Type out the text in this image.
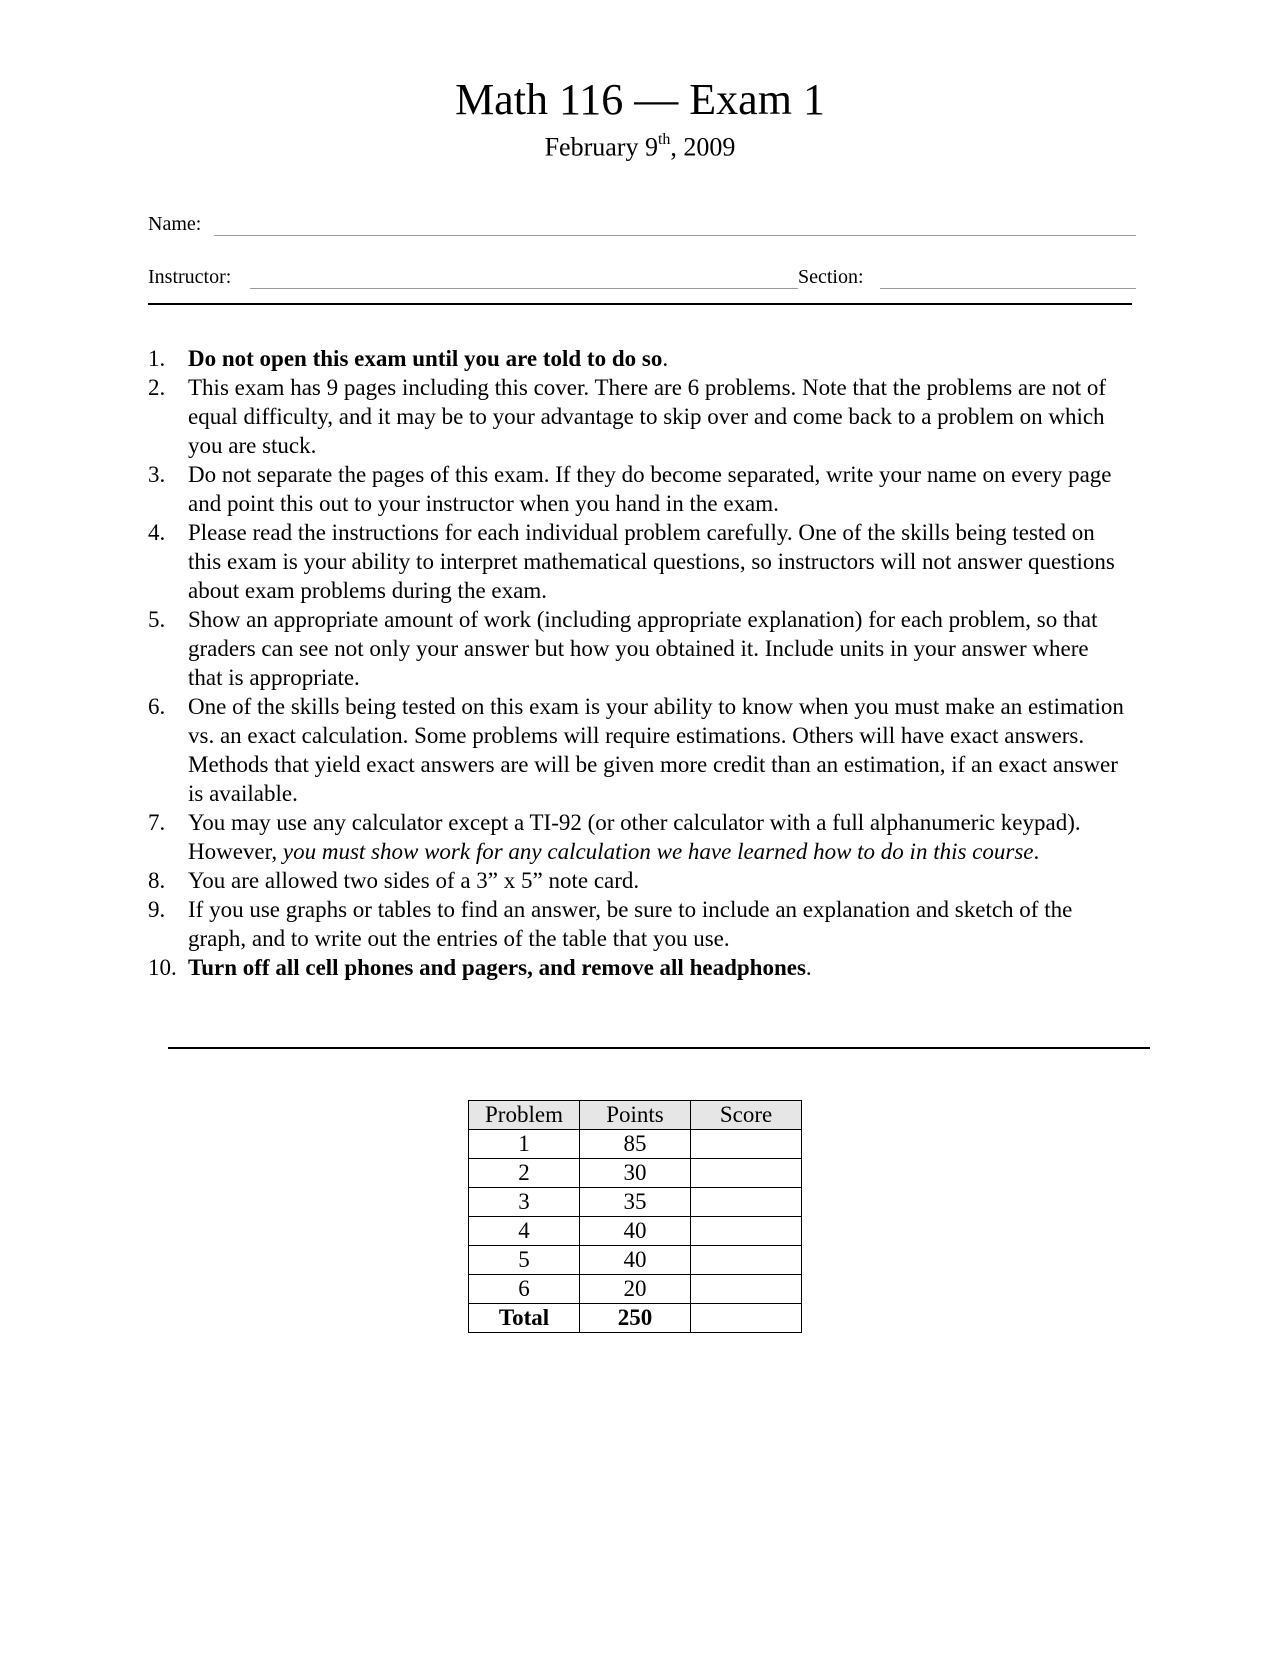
Math 116 — Exam 1
February 9th, 2009
Name:
Instructor:	Section:
1. Do not open this exam until you are told to do so.
2. This exam has 9 pages including this cover. There are 6 problems. Note that the problems are not of equal difficulty, and it may be to your advantage to skip over and come back to a problem on which you are stuck.
3. Do not separate the pages of this exam. If they do become separated, write your name on every page and point this out to your instructor when you hand in the exam.
4. Please read the instructions for each individual problem carefully. One of the skills being tested on this exam is your ability to interpret mathematical questions, so instructors will not answer questions about exam problems during the exam.
5. Show an appropriate amount of work (including appropriate explanation) for each problem, so that graders can see not only your answer but how you obtained it. Include units in your answer where that is appropriate.
6. One of the skills being tested on this exam is your ability to know when you must make an estimation vs. an exact calculation. Some problems will require estimations. Others will have exact answers. Methods that yield exact answers are will be given more credit than an estimation, if an exact answer is available.
7. You may use any calculator except a TI-92 (or other calculator with a full alphanumeric keypad). However, you must show work for any calculation we have learned how to do in this course.
8. You are allowed two sides of a 3” x 5” note card.
9. If you use graphs or tables to find an answer, be sure to include an explanation and sketch of the graph, and to write out the entries of the table that you use.
10. Turn off all cell phones and pagers, and remove all headphones.
Problem	Points	Score
1	85	
2	30	
3	35	
4	40	
5	40	
6	20	
Total	250	
